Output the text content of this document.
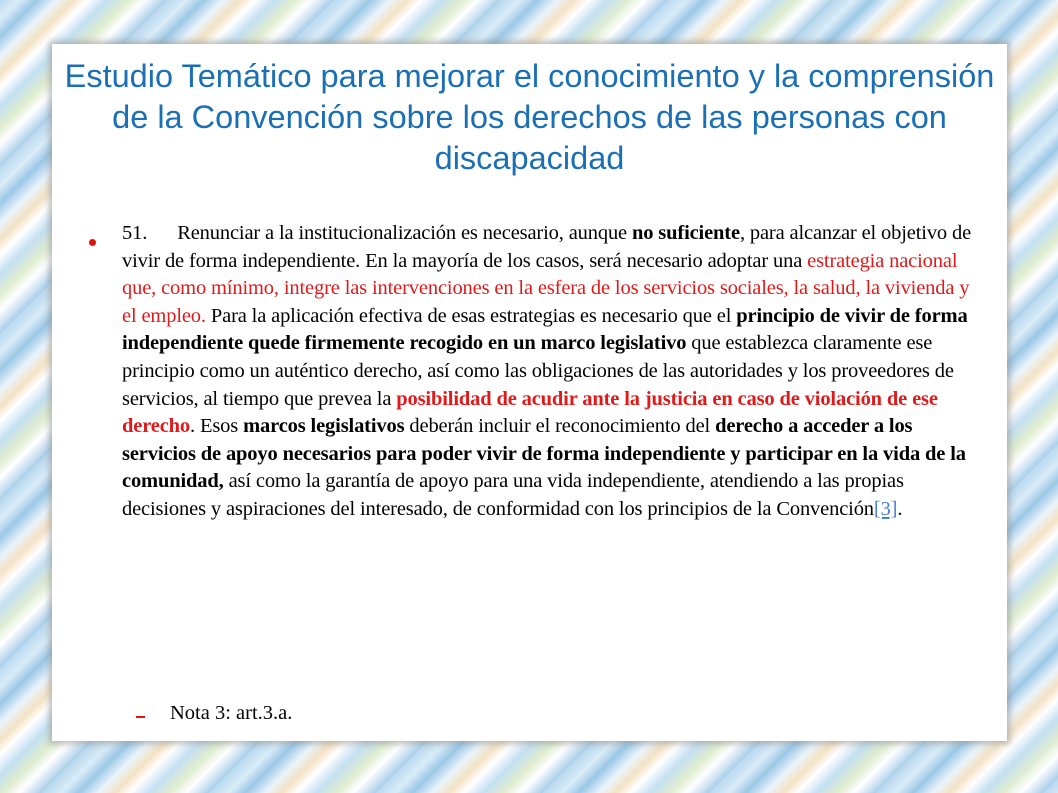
Estudio Temático para mejorar el conocimiento y la comprensión de la Convención sobre los derechos de las personas con discapacidad
51. Renunciar a la institucionalización es necesario, aunque no suficiente, para alcanzar el objetivo de vivir de forma independiente. En la mayoría de los casos, será necesario adoptar una estrategia nacional que, como mínimo, integre las intervenciones en la esfera de los servicios sociales, la salud, la vivienda y el empleo. Para la aplicación efectiva de esas estrategias es necesario que el principio de vivir de forma independiente quede firmemente recogido en un marco legislativo que establezca claramente ese principio como un auténtico derecho, así como las obligaciones de las autoridades y los proveedores de servicios, al tiempo que prevea la posibilidad de acudir ante la justicia en caso de violación de ese derecho. Esos marcos legislativos deberán incluir el reconocimiento del derecho a acceder a los servicios de apoyo necesarios para poder vivir de forma independiente y participar en la vida de la comunidad, así como la garantía de apoyo para una vida independiente, atendiendo a las propias decisiones y aspiraciones del interesado, de conformidad con los principios de la Convención[3].
Nota 3: art.3.a.
